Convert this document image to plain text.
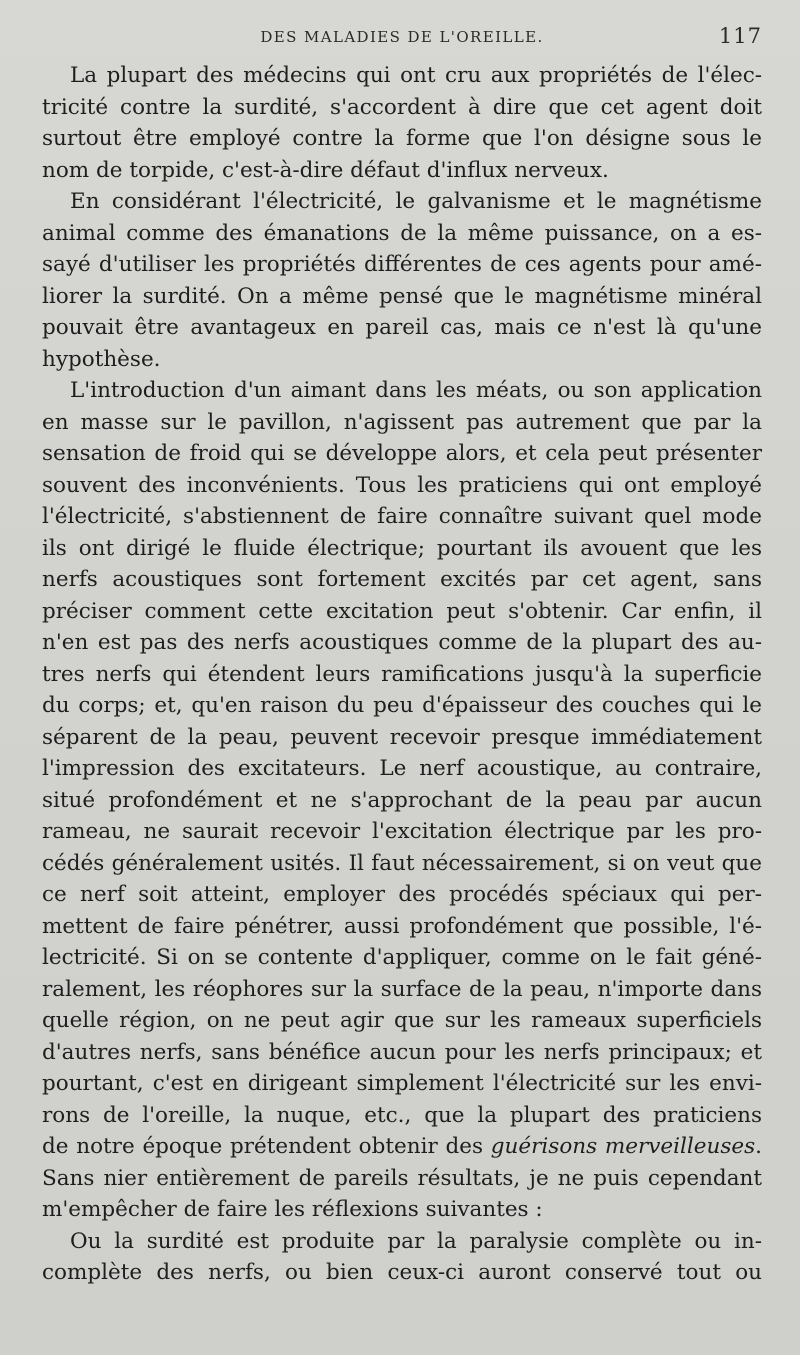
DES MALADIES DE L'OREILLE.	117

La plupart des médecins qui ont cru aux propriétés de l'élec-
tricité contre la surdité, s'accordent à dire que cet agent doit
surtout être employé contre la forme que l'on désigne sous le
nom de torpide, c'est-à-dire défaut d'influx nerveux.

En considérant l'électricité, le galvanisme et le magnétisme
animal comme des émanations de la même puissance, on a es-
sayé d'utiliser les propriétés différentes de ces agents pour amé-
liorer la surdité. On a même pensé que le magnétisme minéral
pouvait être avantageux en pareil cas, mais ce n'est là qu'une
hypothèse.

L'introduction d'un aimant dans les méats, ou son application
en masse sur le pavillon, n'agissent pas autrement que par la
sensation de froid qui se développe alors, et cela peut présenter
souvent des inconvénients. Tous les praticiens qui ont employé
l'électricité, s'abstiennent de faire connaître suivant quel mode
ils ont dirigé le fluide électrique; pourtant ils avouent que les
nerfs acoustiques sont fortement excités par cet agent, sans
préciser comment cette excitation peut s'obtenir. Car enfin, il
n'en est pas des nerfs acoustiques comme de la plupart des au-
tres nerfs qui étendent leurs ramifications jusqu'à la superficie
du corps; et, qu'en raison du peu d'épaisseur des couches qui le
séparent de la peau, peuvent recevoir presque immédiatement
l'impression des excitateurs. Le nerf acoustique, au contraire,
situé profondément et ne s'approchant de la peau par aucun
rameau, ne saurait recevoir l'excitation électrique par les pro-
cédés généralement usités. Il faut nécessairement, si on veut que
ce nerf soit atteint, employer des procédés spéciaux qui per-
mettent de faire pénétrer, aussi profondément que possible, l'é-
lectricité. Si on se contente d'appliquer, comme on le fait géné-
ralement, les réophores sur la surface de la peau, n'importe dans
quelle région, on ne peut agir que sur les rameaux superficiels
d'autres nerfs, sans bénéfice aucun pour les nerfs principaux; et
pourtant, c'est en dirigeant simplement l'électricité sur les envi-
rons de l'oreille, la nuque, etc., que la plupart des praticiens
de notre époque prétendent obtenir des guérisons merveilleuses.
Sans nier entièrement de pareils résultats, je ne puis cependant
m'empêcher de faire les réflexions suivantes :

Ou la surdité est produite par la paralysie complète ou in-
complète des nerfs, ou bien ceux-ci auront conservé tout ou
